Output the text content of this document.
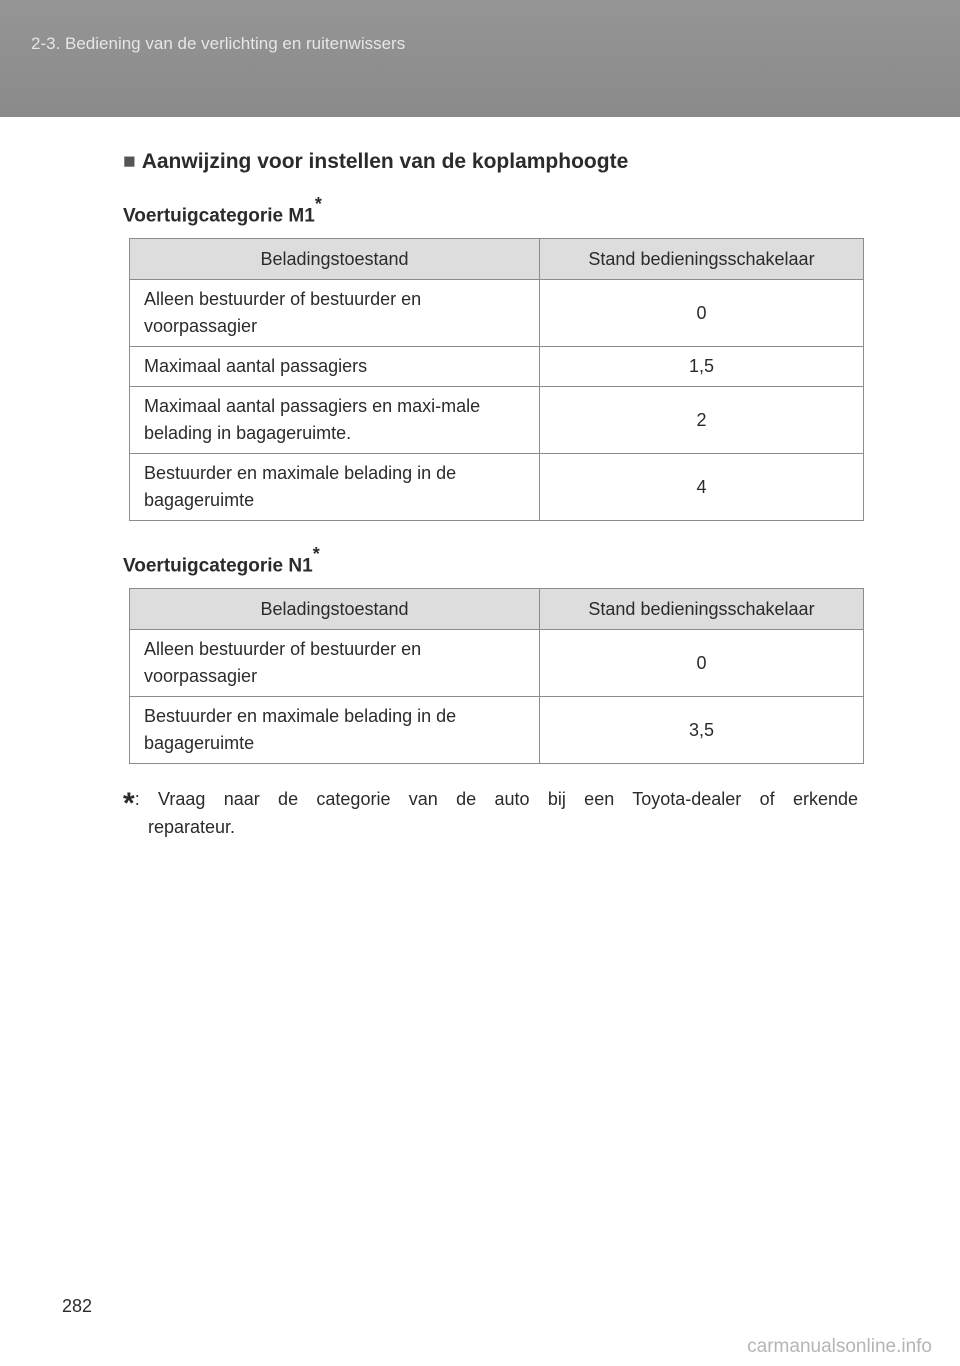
2-3. Bediening van de verlichting en ruitenwissers
■ Aanwijzing voor instellen van de koplamphoogte
Voertuigcategorie M1*
Beladingstoestand	Stand bedieningsschakelaar
Alleen bestuurder of bestuurder en voorpassagier	0
Maximaal aantal passagiers	1,5
Maximaal aantal passagiers en maxi-male belading in bagageruimte.	2
Bestuurder en maximale belading in de bagageruimte	4
Voertuigcategorie N1*
Beladingstoestand	Stand bedieningsschakelaar
Alleen bestuurder of bestuurder en voorpassagier	0
Bestuurder en maximale belading in de bagageruimte	3,5
*: Vraag naar de categorie van de auto bij een Toyota-dealer of erkende
reparateur.
282
carmanualsonline.info
